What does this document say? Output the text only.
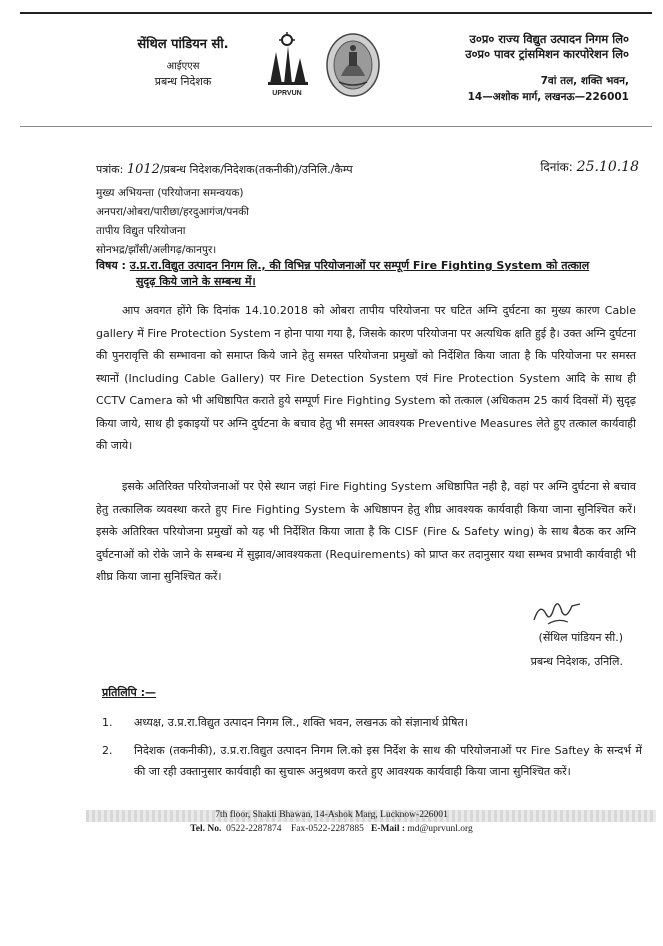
सेंथिल पांडियन सी.
आईएएस
प्रबन्ध निदेशक
UPRVUN
उ०प्र० राज्य विद्युत उत्पादन निगम लि०
उ०प्र० पावर ट्रांसमिशन कारपोरेशन लि०
7वां तल, शक्ति भवन,
14—अशोक मार्ग, लखनऊ—226001
पत्रांक: 1012/प्रबन्ध निदेशक/निदेशक(तकनीकी)/उनिलि./कैम्प	दिनांक: 25.10.18
मुख्य अभियन्ता (परियोजना समन्वयक)
अनपरा/ओबरा/पारीछा/हरदुआगंज/पनकी
तापीय विद्युत परियोजना
सोनभद्र/झाँसी/अलीगढ़/कानपुर।
विषय : उ.प्र.रा.विद्युत उत्पादन निगम लि., की विभिन्न परियोजनाओं पर सम्पूर्ण Fire Fighting System को तत्काल
सुदृढ़ किये जाने के सम्बन्ध में।
आप अवगत होंगे कि दिनांक 14.10.2018 को ओबरा तापीय परियोजना पर घटित अग्नि दुर्घटना का मुख्य कारण Cable gallery में Fire Protection System न होना पाया गया है, जिसके कारण परियोजना पर अत्यधिक क्षति हुई है। उक्त अग्नि दुर्घटना की पुनरावृत्ति की सम्भावना को समाप्त किये जाने हेतु समस्त परियोजना प्रमुखों को निर्देशित किया जाता है कि परियोजना पर समस्त स्थानों (Including Cable Gallery) पर Fire Detection System एवं Fire Protection System आदि के साथ ही CCTV Camera को भी अधिष्ठापित कराते हुये सम्पूर्ण Fire Fighting System को तत्काल (अधिकतम 25 कार्य दिवसों में) सुदृढ़ किया जाये, साथ ही इकाइयों पर अग्नि दुर्घटना के बचाव हेतु भी समस्त आवश्यक Preventive Measures लेते हुए तत्काल कार्यवाही की जाये।
इसके अतिरिक्त परियोजनाओं पर ऐसे स्थान जहां Fire Fighting System अधिष्ठापित नही है, वहां पर अग्नि दुर्घटना से बचाव हेतु तत्कालिक व्यवस्था करते हुए Fire Fighting System के अधिष्ठापन हेतु शीघ्र आवश्यक कार्यवाही किया जाना सुनिश्चित करें। इसके अतिरिक्त परियोजना प्रमुखों को यह भी निर्देशित किया जाता है कि CISF (Fire & Safety wing) के साथ बैठक कर अग्नि दुर्घटनाओं को रोके जाने के सम्बन्ध में सुझाव/आवश्यकता (Requirements) को प्राप्त कर तदानुसार यथा सम्भव प्रभावी कार्यवाही भी शीघ्र किया जाना सुनिश्चित करें।
(सेंथिल पांडियन सी.)
प्रबन्ध निदेशक, उनिलि.
प्रतिलिपि :—
1. अध्यक्ष, उ.प्र.रा.विद्युत उत्पादन निगम लि., शक्ति भवन, लखनऊ को संज्ञानार्थ प्रेषित।
2. निदेशक (तकनीकी), उ.प्र.रा.विद्युत उत्पादन निगम लि.को इस निर्देश के साथ की परियोजनाओं पर Fire Saftey के सन्दर्भ में की जा रही उक्तानुसार कार्यवाही का सुचारू अनुश्रवण करते हुए आवश्यक कार्यवाही किया जाना सुनिश्चित करें।
7th floor, Shakti Bhawan, 14-Ashok Marg, Lucknow-226001
Tel. No. 0522-2287874 Fax-0522-2287885 E-Mail : md@uprvunl.org
